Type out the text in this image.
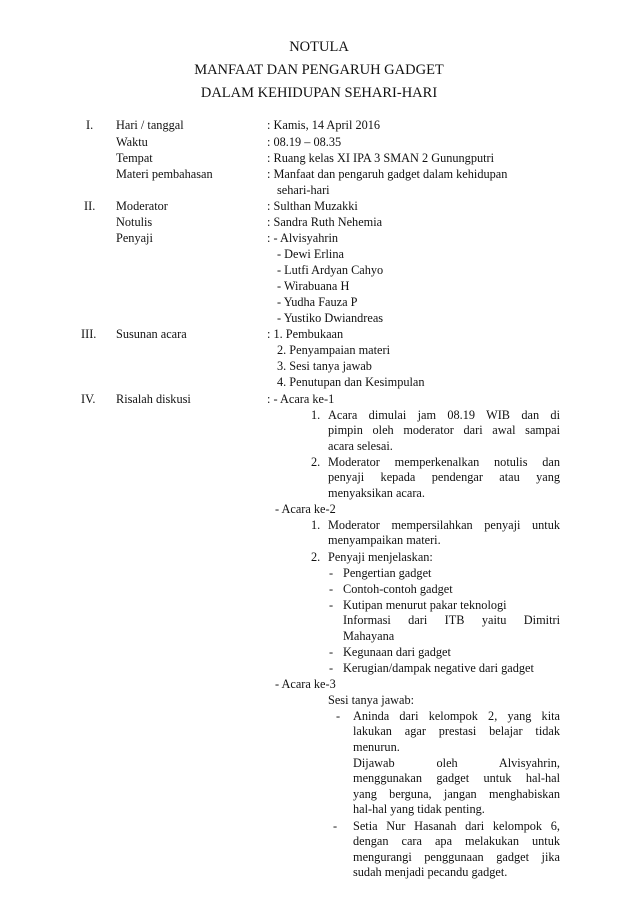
NOTULA
MANFAAT DAN PENGARUH GADGET
DALAM KEHIDUPAN SEHARI-HARI
I. Hari / tanggal	: Kamis, 14 April 2016
Waktu	: 08.19 – 08.35
Tempat	: Ruang kelas XI IPA 3 SMAN 2 Gunungputri
Materi pembahasan	: Manfaat dan pengaruh gadget dalam kehidupan
sehari-hari
II. Moderator	: Sulthan Muzakki
Notulis	: Sandra Ruth Nehemia
Penyaji	: - Alvisyahrin
- Dewi Erlina
- Lutfi Ardyan Cahyo
- Wirabuana H
- Yudha Fauza P
- Yustiko Dwiandreas
III. Susunan acara	: 1. Pembukaan
2. Penyampaian materi
3. Sesi tanya jawab
4. Penutupan dan Kesimpulan
IV. Risalah diskusi	: - Acara ke-1
1. Acara dimulai jam 08.19 WIB dan di
pimpin oleh moderator dari awal sampai
acara selesai.
2. Moderator memperkenalkan notulis dan
penyaji kepada pendengar atau yang
menyaksikan acara.
- Acara ke-2
1. Moderator mempersilahkan penyaji untuk
menyampaikan materi.
2. Penyaji menjelaskan:
- Pengertian gadget
- Contoh-contoh gadget
- Kutipan menurut pakar teknologi
Informasi dari ITB yaitu Dimitri
Mahayana
- Kegunaan dari gadget
- Kerugian/dampak negative dari gadget
- Acara ke-3
Sesi tanya jawab:
- Aninda dari kelompok 2, yang kita
lakukan agar prestasi belajar tidak
menurun.
Dijawab oleh Alvisyahrin,
menggunakan gadget untuk hal-hal
yang berguna, jangan menghabiskan
hal-hal yang tidak penting.
- Setia Nur Hasanah dari kelompok 6,
dengan cara apa melakukan untuk
mengurangi penggunaan gadget jika
sudah menjadi pecandu gadget.
